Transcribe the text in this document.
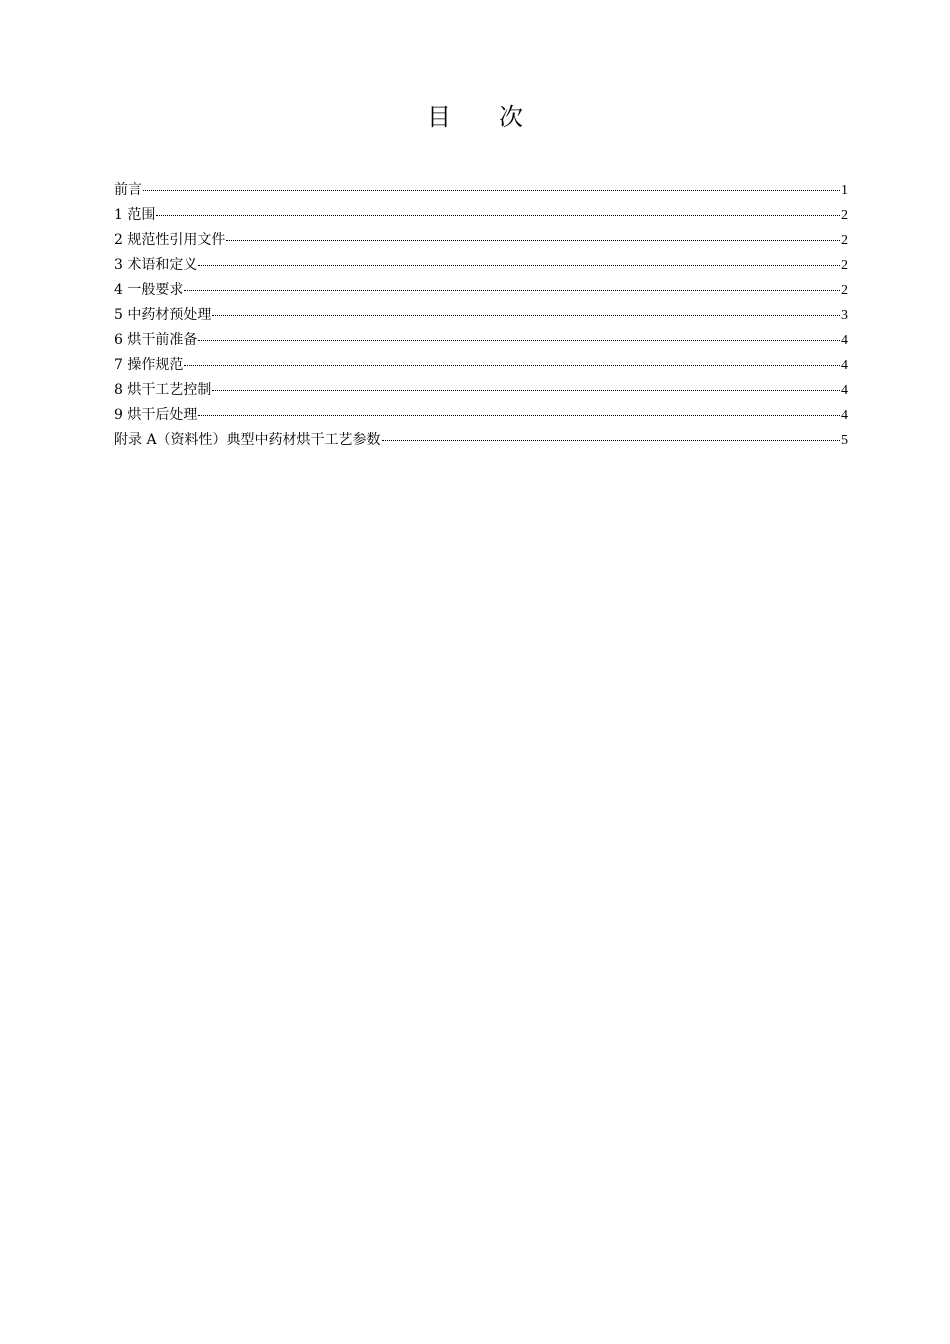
目　　次
前言	1
1 范围	2
2 规范性引用文件	2
3 术语和定义	2
4 一般要求	2
5 中药材预处理	3
6 烘干前准备	4
7 操作规范	4
8 烘干工艺控制	4
9 烘干后处理	4
附录 A（资料性）典型中药材烘干工艺参数	5
